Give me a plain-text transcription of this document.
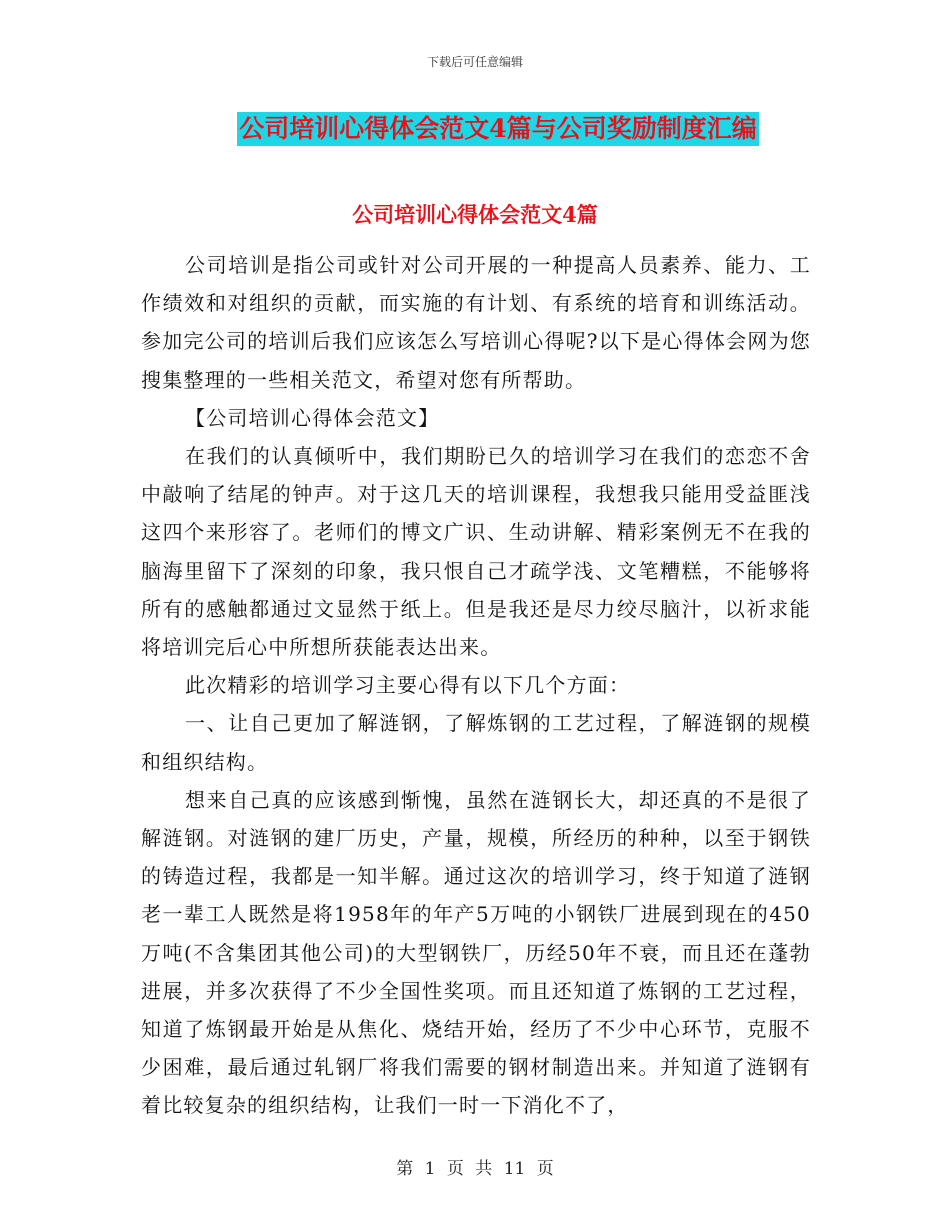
下载后可任意编辑
公司培训心得体会范文4篇与公司奖励制度汇编
公司培训心得体会范文4篇

公司培训是指公司或针对公司开展的一种提高人员素养、能力、工作绩效和对组织的贡献，而实施的有计划、有系统的培育和训练活动。参加完公司的培训后我们应该怎么写培训心得呢?以下是心得体会网为您搜集整理的一些相关范文，希望对您有所帮助。

【公司培训心得体会范文】

在我们的认真倾听中，我们期盼已久的培训学习在我们的恋恋不舍中敲响了结尾的钟声。对于这几天的培训课程，我想我只能用受益匪浅这四个来形容了。老师们的博文广识、生动讲解、精彩案例无不在我的脑海里留下了深刻的印象，我只恨自己才疏学浅、文笔糟糕，不能够将所有的感触都通过文显然于纸上。但是我还是尽力绞尽脑汁，以祈求能将培训完后心中所想所获能表达出来。

此次精彩的培训学习主要心得有以下几个方面：

一、让自己更加了解涟钢，了解炼钢的工艺过程，了解涟钢的规模和组织结构。

想来自己真的应该感到惭愧，虽然在涟钢长大，却还真的不是很了解涟钢。对涟钢的建厂历史，产量，规模，所经历的种种，以至于钢铁的铸造过程，我都是一知半解。通过这次的培训学习，终于知道了涟钢老一辈工人既然是将1958年的年产5万吨的小钢铁厂进展到现在的450万吨(不含集团其他公司)的大型钢铁厂，历经50年不衰，而且还在蓬勃进展，并多次获得了不少全国性奖项。而且还知道了炼钢的工艺过程，知道了炼钢最开始是从焦化、烧结开始，经历了不少中心环节，克服不少困难，最后通过轧钢厂将我们需要的钢材制造出来。并知道了涟钢有着比较复杂的组织结构，让我们一时一下消化不了，

第 1 页 共 11 页
